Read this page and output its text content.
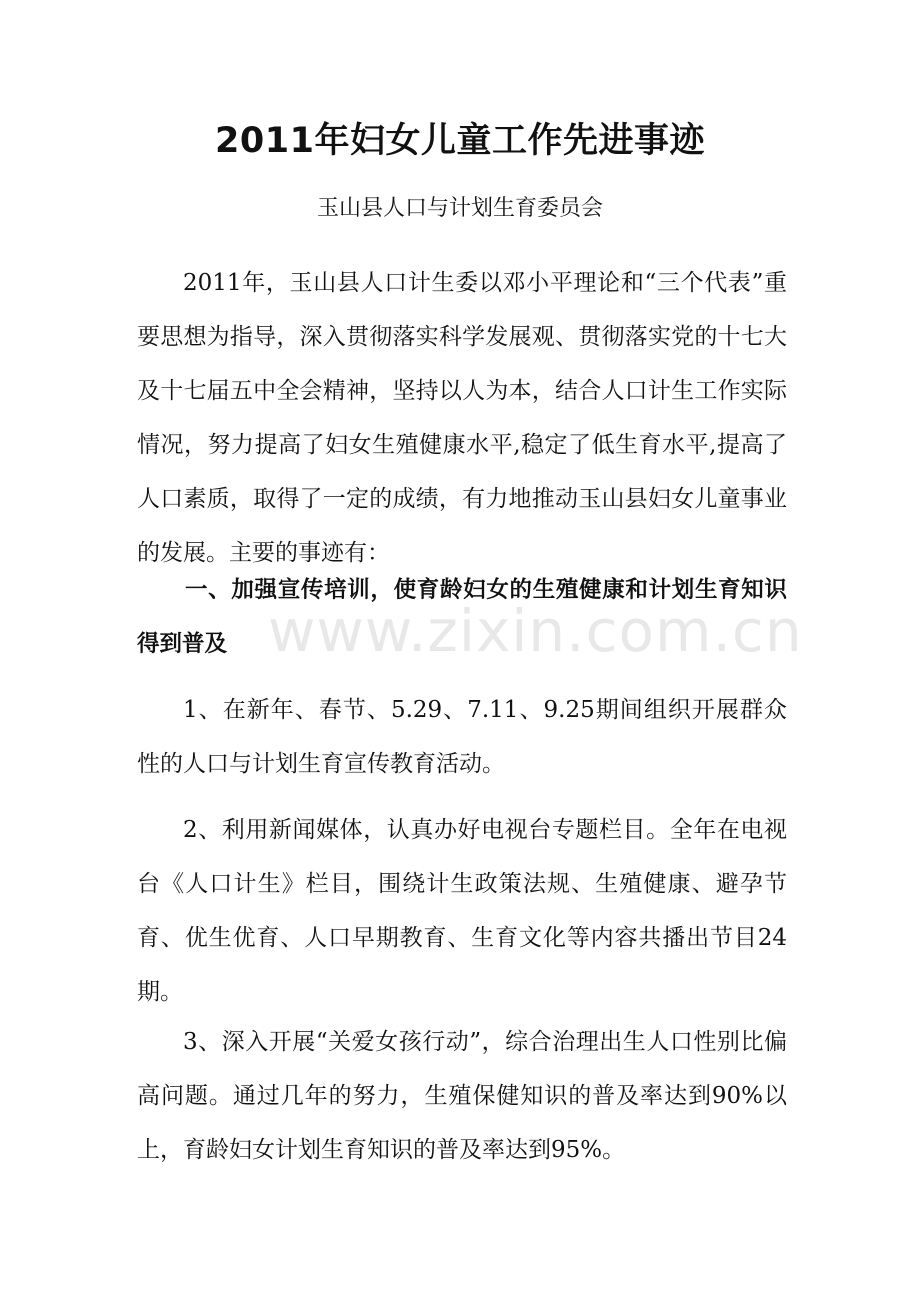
2011年妇女儿童工作先进事迹

玉山县人口与计划生育委员会

2011年，玉山县人口计生委以邓小平理论和“三个代表”重要思想为指导，深入贯彻落实科学发展观、贯彻落实党的十七大及十七届五中全会精神，坚持以人为本，结合人口计生工作实际情况，努力提高了妇女生殖健康水平,稳定了低生育水平,提高了人口素质，取得了一定的成绩，有力地推动玉山县妇女儿童事业的发展。主要的事迹有：

一、加强宣传培训，使育龄妇女的生殖健康和计划生育知识得到普及

1、在新年、春节、5.29、7.11、9.25期间组织开展群众性的人口与计划生育宣传教育活动。

2、利用新闻媒体，认真办好电视台专题栏目。全年在电视台《人口计生》栏目，围绕计生政策法规、生殖健康、避孕节育、优生优育、人口早期教育、生育文化等内容共播出节目24期。

3、深入开展“关爱女孩行动”，综合治理出生人口性别比偏高问题。通过几年的努力，生殖保健知识的普及率达到90%以上，育龄妇女计划生育知识的普及率达到95%。

www.zixin.com.cn
